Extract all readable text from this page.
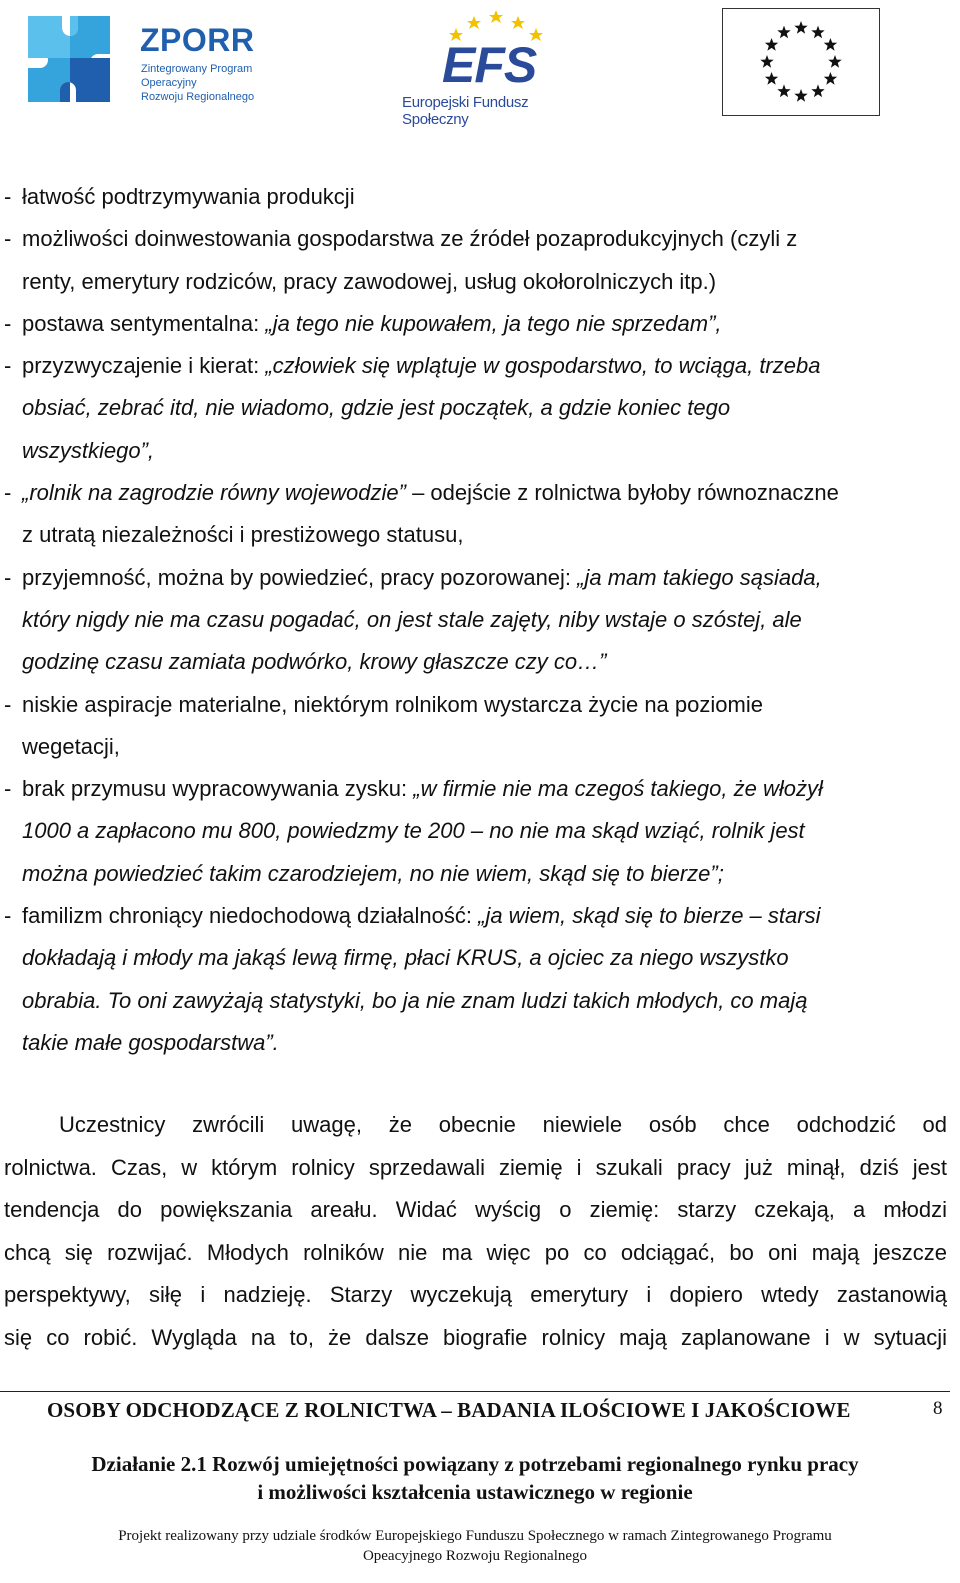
ZPORR
Zintegrowany Program
Operacyjny
Rozwoju Regionalnego
EFS
Europejski Fundusz Społeczny
- łatwość podtrzymywania produkcji
- możliwości doinwestowania gospodarstwa ze źródeł pozaprodukcyjnych (czyli z
renty, emerytury rodziców, pracy zawodowej, usług okołorolniczych itp.)
- postawa sentymentalna: „ja tego nie kupowałem, ja tego nie sprzedam”,
- przyzwyczajenie i kierat: „człowiek się wplątuje w gospodarstwo, to wciąga, trzeba
obsiać, zebrać itd, nie wiadomo, gdzie jest początek, a gdzie koniec tego
wszystkiego”,
- „rolnik na zagrodzie równy wojewodzie” – odejście z rolnictwa byłoby równoznaczne
z utratą niezależności i prestiżowego statusu,
- przyjemność, można by powiedzieć, pracy pozorowanej: „ja mam takiego sąsiada,
który nigdy nie ma czasu pogadać, on jest stale zajęty, niby wstaje o szóstej, ale
godzinę czasu zamiata podwórko, krowy głaszcze czy co…”
- niskie aspiracje materialne, niektórym rolnikom wystarcza życie na poziomie
wegetacji,
- brak przymusu wypracowywania zysku: „w firmie nie ma czegoś takiego, że włożył
1000 a zapłacono mu 800, powiedzmy te 200 – no nie ma skąd wziąć, rolnik jest
można powiedzieć takim czarodziejem, no nie wiem, skąd się to bierze”;
- familizm chroniący niedochodową działalność: „ja wiem, skąd się to bierze – starsi
dokładają i młody ma jakąś lewą firmę, płaci KRUS, a ojciec za niego wszystko
obrabia. To oni zawyżają statystyki, bo ja nie znam ludzi takich młodych, co mają
takie małe gospodarstwa”.
Uczestnicy zwrócili uwagę, że obecnie niewiele osób chce odchodzić od
rolnictwa. Czas, w którym rolnicy sprzedawali ziemię i szukali pracy już minął, dziś jest
tendencja do powiększania areału. Widać wyścig o ziemię: starzy czekają, a młodzi
chcą się rozwijać. Młodych rolników nie ma więc po co odciągać, bo oni mają jeszcze
perspektywy, siłę i nadzieję. Starzy wyczekują emerytury i dopiero wtedy zastanowią
się co robić. Wygląda na to, że dalsze biografie rolnicy mają zaplanowane i w sytuacji
OSOBY ODCHODZĄCE Z ROLNICTWA – BADANIA ILOŚCIOWE I JAKOŚCIOWE	8
Działanie 2.1 Rozwój umiejętności powiązany z potrzebami regionalnego rynku pracy
i możliwości kształcenia ustawicznego w regionie
Projekt realizowany przy udziale środków Europejskiego Funduszu Społecznego w ramach Zintegrowanego Programu
Opeacyjnego Rozwoju Regionalnego
